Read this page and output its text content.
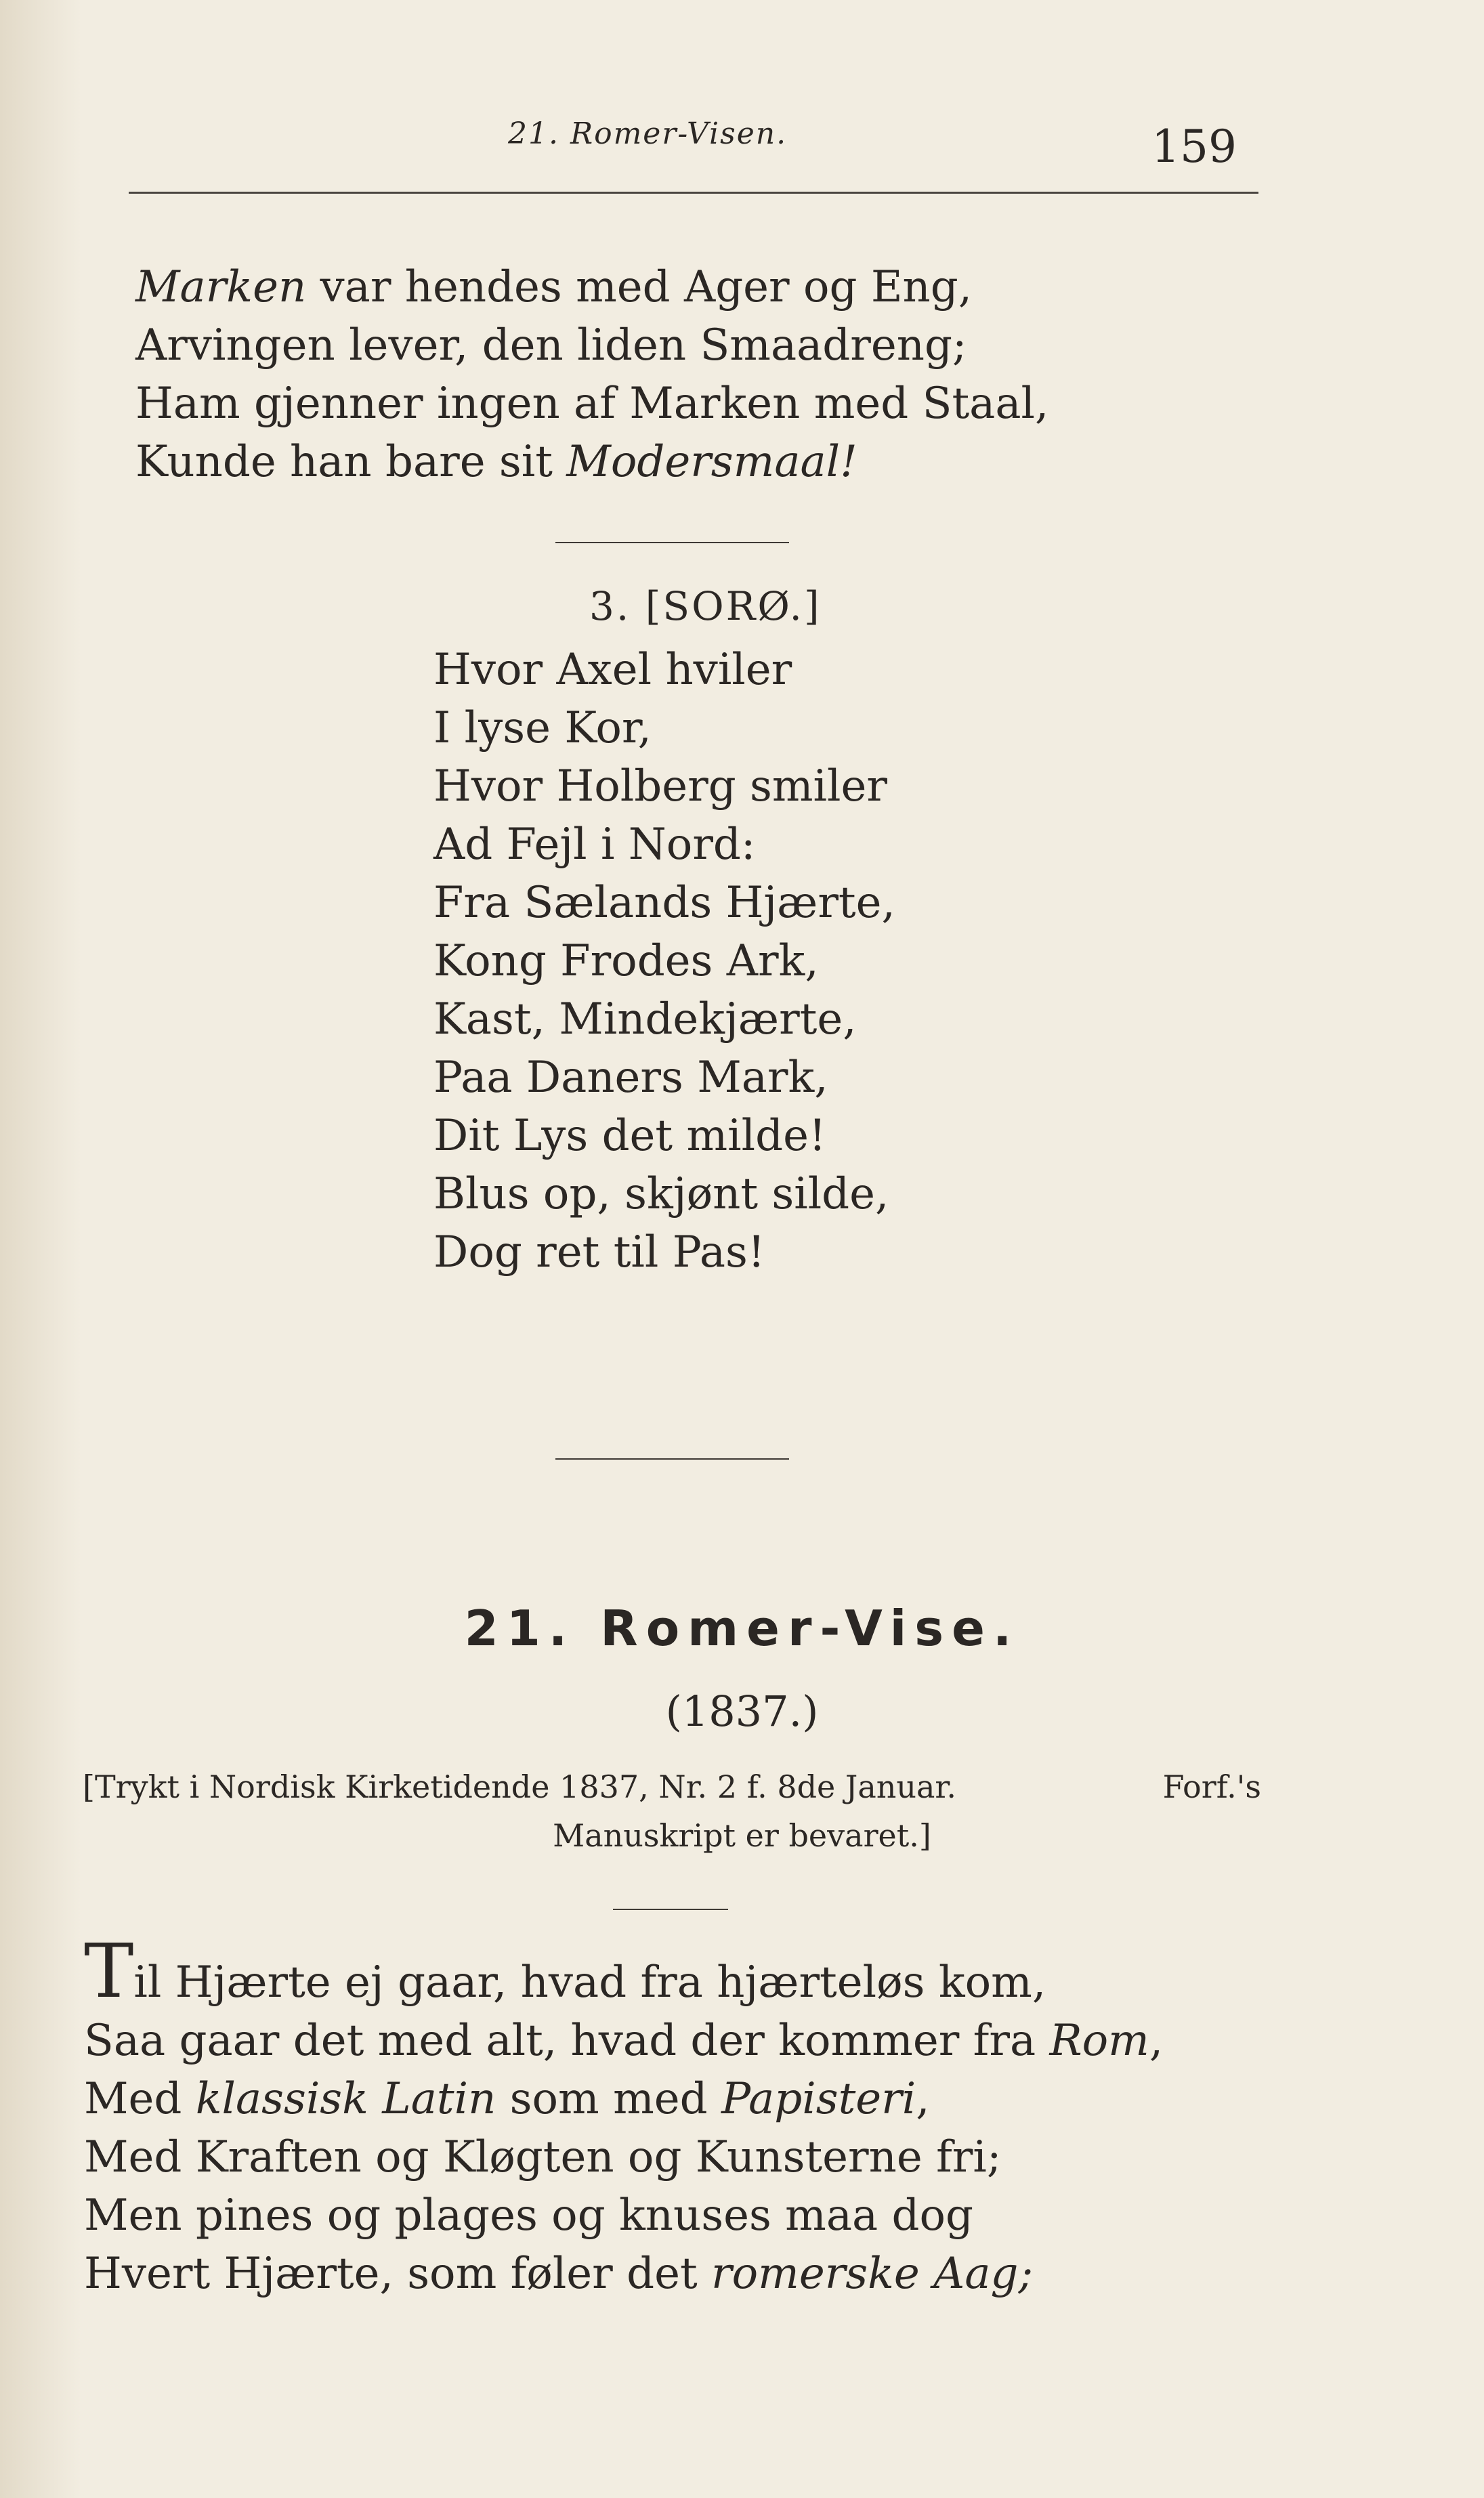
21. Romer-Visen.	159
Marken var hendes med Ager og Eng,
Arvingen lever, den liden Smaadreng;
Ham gjenner ingen af Marken med Staal,
Kunde han bare sit Modersmaal!
3. [SORØ.]
Hvor Axel hviler
I lyse Kor,
Hvor Holberg smiler
Ad Fejl i Nord:
Fra Sælands Hjærte,
Kong Frodes Ark,
Kast, Mindekjærte,
Paa Daners Mark,
Dit Lys det milde!
Blus op, skjønt silde,
Dog ret til Pas!
21. Romer-Vise.
(1837.)
[Trykt i Nordisk Kirketidende 1837, Nr. 2 f. 8de Januar.	Forf.'s
Manuskript er bevaret.]
Til Hjærte ej gaar, hvad fra hjærteløs kom,
Saa gaar det med alt, hvad der kommer fra Rom,
Med klassisk Latin som med Papisteri,
Med Kraften og Kløgten og Kunsterne fri;
Men pines og plages og knuses maa dog
Hvert Hjærte, som føler det romerske Aag;
